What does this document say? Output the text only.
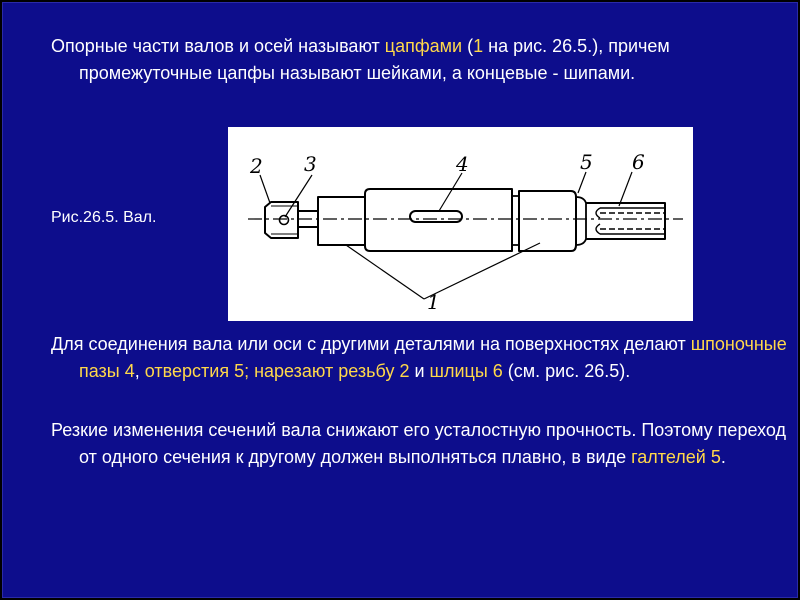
Опорные части валов и осей называют цапфами (1 на рис. 26.5.), причем промежуточные цапфы называют шейками, а концевые - шипами.

Рис.26.5. Вал.
2 3	4	5 6
1

Для соединения вала или оси с другими деталями на поверхностях делают шпоночные пазы 4, отверстия 5; нарезают резьбу 2 и шлицы 6 (см. рис. 26.5).

Резкие изменения сечений вала снижают его усталостную прочность. Поэтому переход от одного сечения к другому должен выполняться плавно, в виде галтелей 5.
